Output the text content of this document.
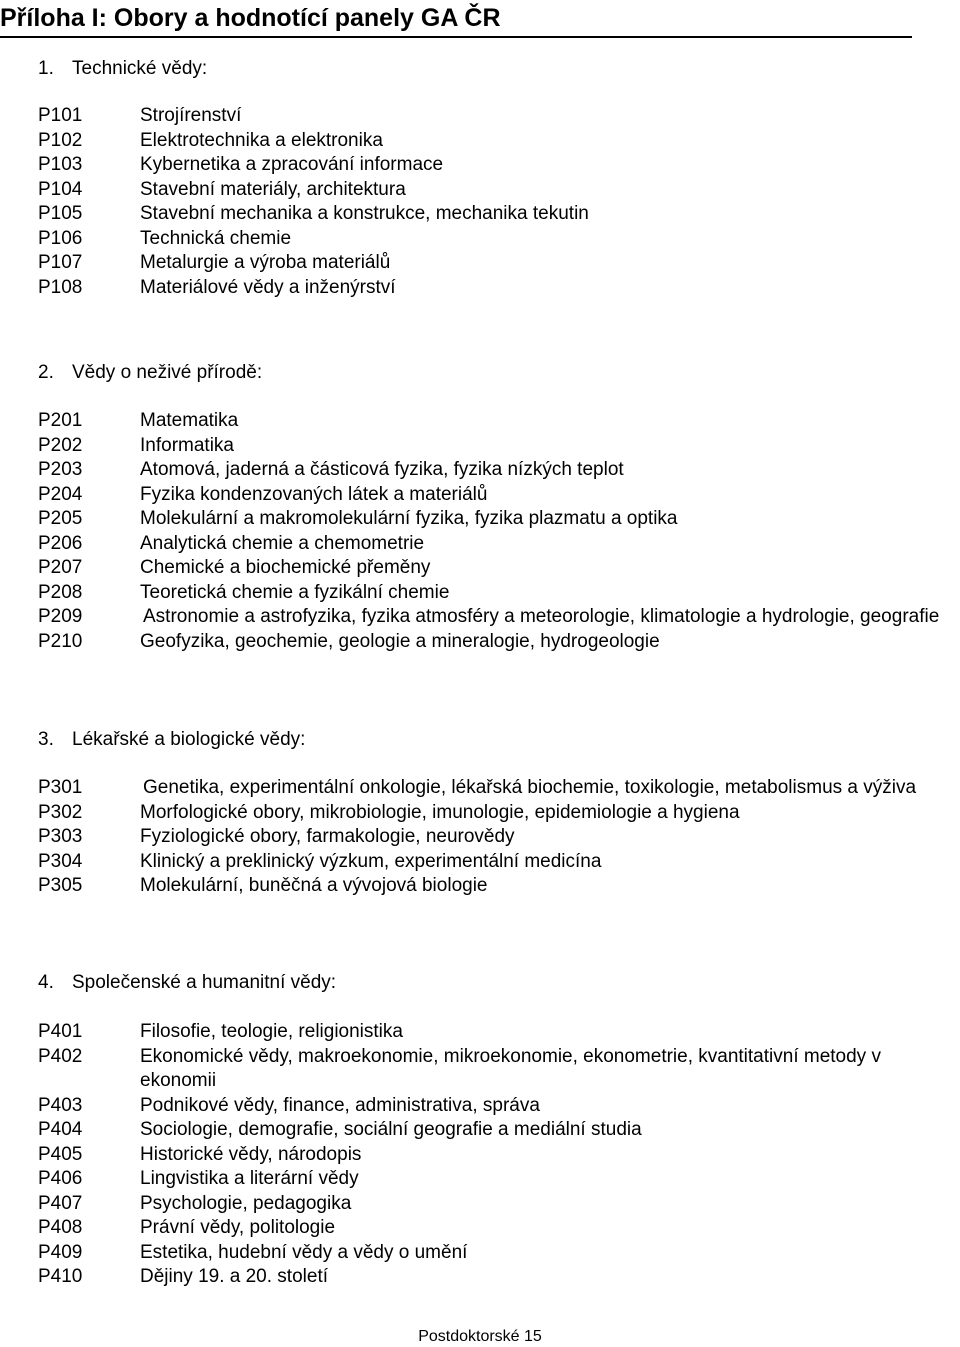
Příloha I: Obory a hodnotící panely GA ČR
1. Technické vědy:
P101	Strojírenství
P102	Elektrotechnika a elektronika
P103	Kybernetika a zpracování informace
P104	Stavební materiály, architektura
P105	Stavební mechanika a konstrukce, mechanika tekutin
P106	Technická chemie
P107	Metalurgie a výroba materiálů
P108	Materiálové vědy a inženýrství
2. Vědy o neživé přírodě:
P201	Matematika
P202	Informatika
P203	Atomová, jaderná a částicová fyzika, fyzika nízkých teplot
P204	Fyzika kondenzovaných látek a materiálů
P205	Molekulární a makromolekulární fyzika, fyzika plazmatu a optika
P206	Analytická chemie a chemometrie
P207	Chemické a biochemické přeměny
P208	Teoretická chemie a fyzikální chemie
P209	Astronomie a astrofyzika, fyzika atmosféry a meteorologie, klimatologie a hydrologie, geografie
P210	Geofyzika, geochemie, geologie a mineralogie, hydrogeologie
3. Lékařské a biologické vědy:
P301	Genetika, experimentální onkologie, lékařská biochemie, toxikologie, metabolismus a výživa
P302	Morfologické obory, mikrobiologie, imunologie, epidemiologie a hygiena
P303	Fyziologické obory, farmakologie, neurovědy
P304	Klinický a preklinický výzkum, experimentální medicína
P305	Molekulární, buněčná a vývojová biologie
4. Společenské a humanitní vědy:
P401	Filosofie, teologie, religionistika
P402	Ekonomické vědy, makroekonomie, mikroekonomie, ekonometrie, kvantitativní metody v ekonomii
P403	Podnikové vědy, finance, administrativa, správa
P404	Sociologie, demografie, sociální geografie a mediální studia
P405	Historické vědy, národopis
P406	Lingvistika a literární vědy
P407	Psychologie, pedagogika
P408	Právní vědy, politologie
P409	Estetika, hudební vědy a vědy o umění
P410	Dějiny 19. a 20. století
Postdoktorské 15
